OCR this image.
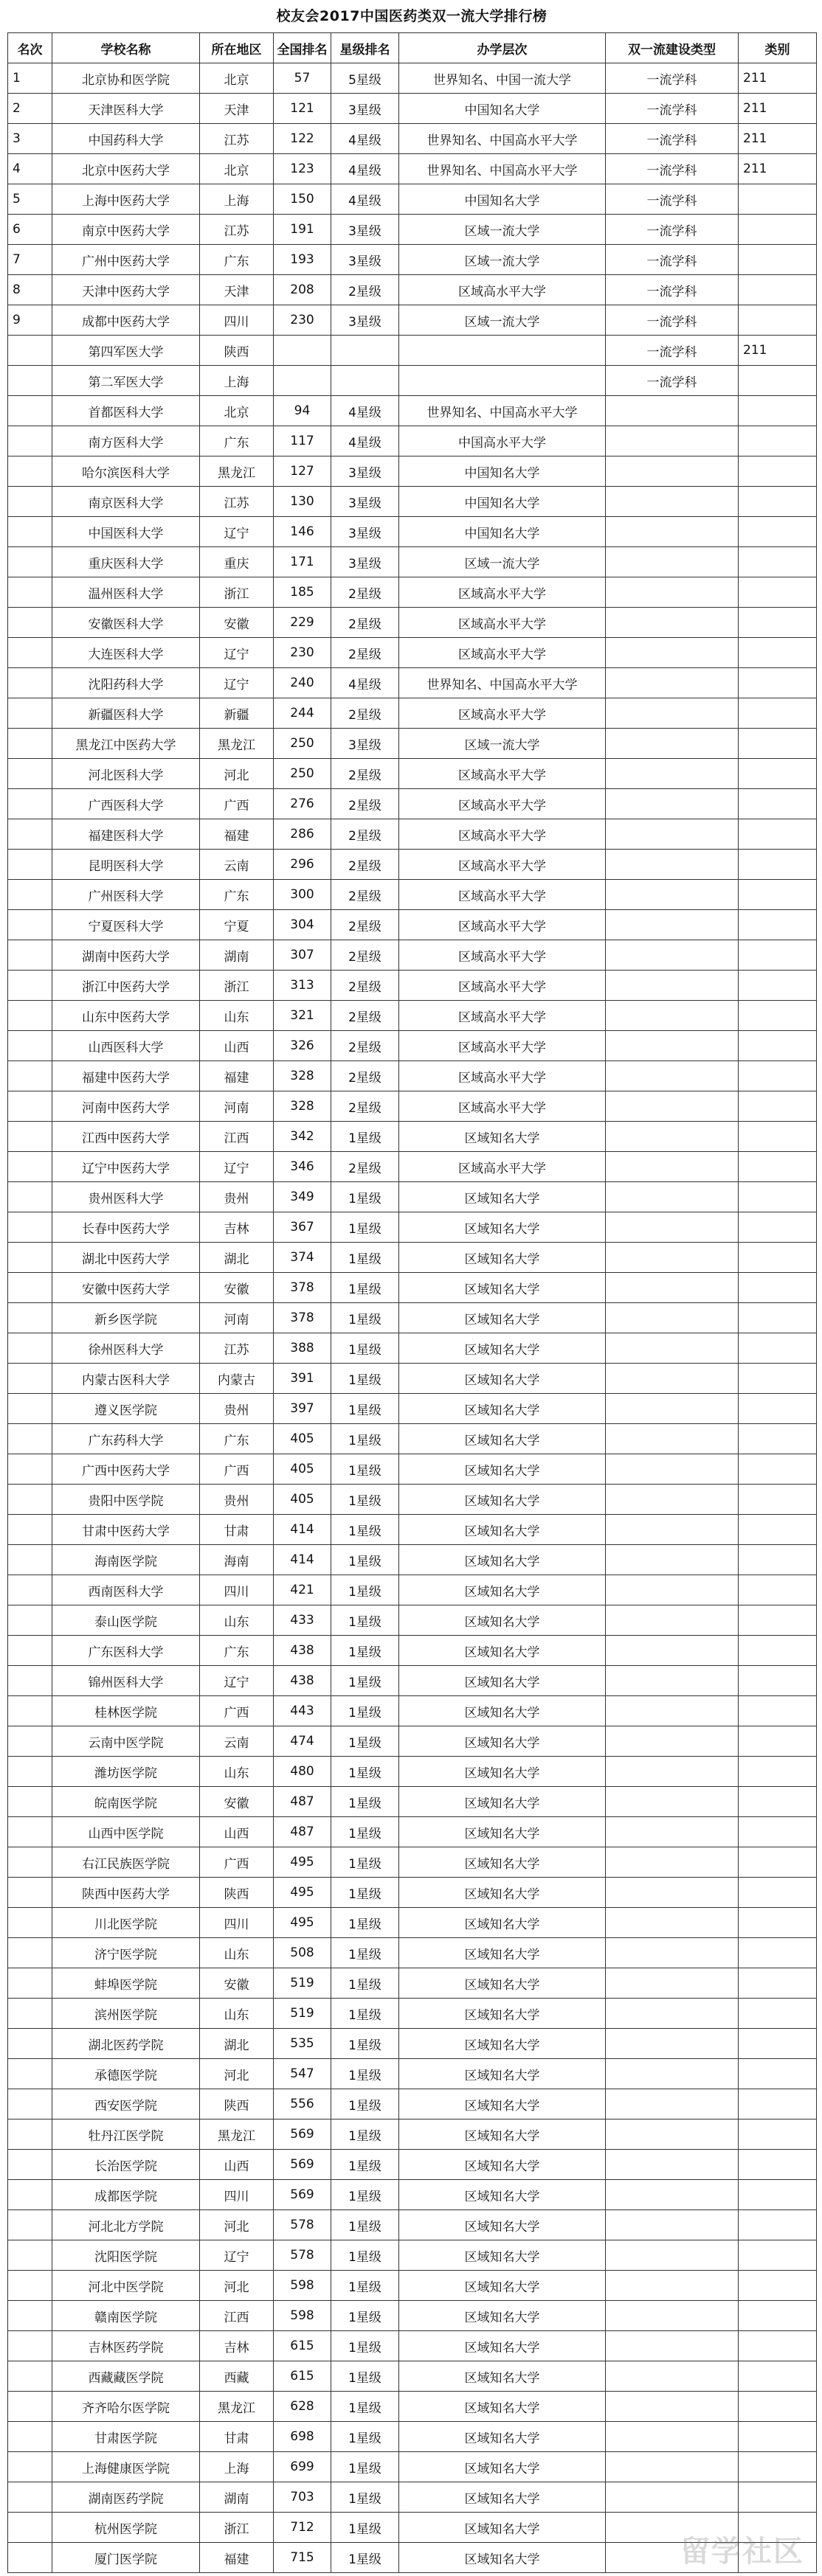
校友会2017中国医药类双一流大学排行榜
名次	学校名称	所在地区	全国排名	星级排名	办学层次	双一流建设类型	类别
1	北京协和医学院	北京	57	5星级	世界知名、中国一流大学	一流学科	211
2	天津医科大学	天津	121	3星级	中国知名大学	一流学科	211
3	中国药科大学	江苏	122	4星级	世界知名、中国高水平大学	一流学科	211
4	北京中医药大学	北京	123	4星级	世界知名、中国高水平大学	一流学科	211
5	上海中医药大学	上海	150	4星级	中国知名大学	一流学科	
6	南京中医药大学	江苏	191	3星级	区域一流大学	一流学科	
7	广州中医药大学	广东	193	3星级	区域一流大学	一流学科	
8	天津中医药大学	天津	208	2星级	区域高水平大学	一流学科	
9	成都中医药大学	四川	230	3星级	区域一流大学	一流学科	
	第四军医大学	陕西				一流学科	211
	第二军医大学	上海				一流学科	
	首都医科大学	北京	94	4星级	世界知名、中国高水平大学		
	南方医科大学	广东	117	4星级	中国高水平大学		
	哈尔滨医科大学	黑龙江	127	3星级	中国知名大学		
	南京医科大学	江苏	130	3星级	中国知名大学		
	中国医科大学	辽宁	146	3星级	中国知名大学		
	重庆医科大学	重庆	171	3星级	区域一流大学		
	温州医科大学	浙江	185	2星级	区域高水平大学		
	安徽医科大学	安徽	229	2星级	区域高水平大学		
	大连医科大学	辽宁	230	2星级	区域高水平大学		
	沈阳药科大学	辽宁	240	4星级	世界知名、中国高水平大学		
	新疆医科大学	新疆	244	2星级	区域高水平大学		
	黑龙江中医药大学	黑龙江	250	3星级	区域一流大学		
	河北医科大学	河北	250	2星级	区域高水平大学		
	广西医科大学	广西	276	2星级	区域高水平大学		
	福建医科大学	福建	286	2星级	区域高水平大学		
	昆明医科大学	云南	296	2星级	区域高水平大学		
	广州医科大学	广东	300	2星级	区域高水平大学		
	宁夏医科大学	宁夏	304	2星级	区域高水平大学		
	湖南中医药大学	湖南	307	2星级	区域高水平大学		
	浙江中医药大学	浙江	313	2星级	区域高水平大学		
	山东中医药大学	山东	321	2星级	区域高水平大学		
	山西医科大学	山西	326	2星级	区域高水平大学		
	福建中医药大学	福建	328	2星级	区域高水平大学		
	河南中医药大学	河南	328	2星级	区域高水平大学		
	江西中医药大学	江西	342	1星级	区域知名大学		
	辽宁中医药大学	辽宁	346	2星级	区域高水平大学		
	贵州医科大学	贵州	349	1星级	区域知名大学		
	长春中医药大学	吉林	367	1星级	区域知名大学		
	湖北中医药大学	湖北	374	1星级	区域知名大学		
	安徽中医药大学	安徽	378	1星级	区域知名大学		
	新乡医学院	河南	378	1星级	区域知名大学		
	徐州医科大学	江苏	388	1星级	区域知名大学		
	内蒙古医科大学	内蒙古	391	1星级	区域知名大学		
	遵义医学院	贵州	397	1星级	区域知名大学		
	广东药科大学	广东	405	1星级	区域知名大学		
	广西中医药大学	广西	405	1星级	区域知名大学		
	贵阳中医学院	贵州	405	1星级	区域知名大学		
	甘肃中医药大学	甘肃	414	1星级	区域知名大学		
	海南医学院	海南	414	1星级	区域知名大学		
	西南医科大学	四川	421	1星级	区域知名大学		
	泰山医学院	山东	433	1星级	区域知名大学		
	广东医科大学	广东	438	1星级	区域知名大学		
	锦州医科大学	辽宁	438	1星级	区域知名大学		
	桂林医学院	广西	443	1星级	区域知名大学		
	云南中医学院	云南	474	1星级	区域知名大学		
	潍坊医学院	山东	480	1星级	区域知名大学		
	皖南医学院	安徽	487	1星级	区域知名大学		
	山西中医学院	山西	487	1星级	区域知名大学		
	右江民族医学院	广西	495	1星级	区域知名大学		
	陕西中医药大学	陕西	495	1星级	区域知名大学		
	川北医学院	四川	495	1星级	区域知名大学		
	济宁医学院	山东	508	1星级	区域知名大学		
	蚌埠医学院	安徽	519	1星级	区域知名大学		
	滨州医学院	山东	519	1星级	区域知名大学		
	湖北医药学院	湖北	535	1星级	区域知名大学		
	承德医学院	河北	547	1星级	区域知名大学		
	西安医学院	陕西	556	1星级	区域知名大学		
	牡丹江医学院	黑龙江	569	1星级	区域知名大学		
	长治医学院	山西	569	1星级	区域知名大学		
	成都医学院	四川	569	1星级	区域知名大学		
	河北北方学院	河北	578	1星级	区域知名大学		
	沈阳医学院	辽宁	578	1星级	区域知名大学		
	河北中医学院	河北	598	1星级	区域知名大学		
	赣南医学院	江西	598	1星级	区域知名大学		
	吉林医药学院	吉林	615	1星级	区域知名大学		
	西藏藏医学院	西藏	615	1星级	区域知名大学		
	齐齐哈尔医学院	黑龙江	628	1星级	区域知名大学		
	甘肃医学院	甘肃	698	1星级	区域知名大学		
	上海健康医学院	上海	699	1星级	区域知名大学		
	湖南医药学院	湖南	703	1星级	区域知名大学		
	杭州医学院	浙江	712	1星级	区域知名大学		
	厦门医学院	福建	715	1星级	区域知名大学			留学社区
